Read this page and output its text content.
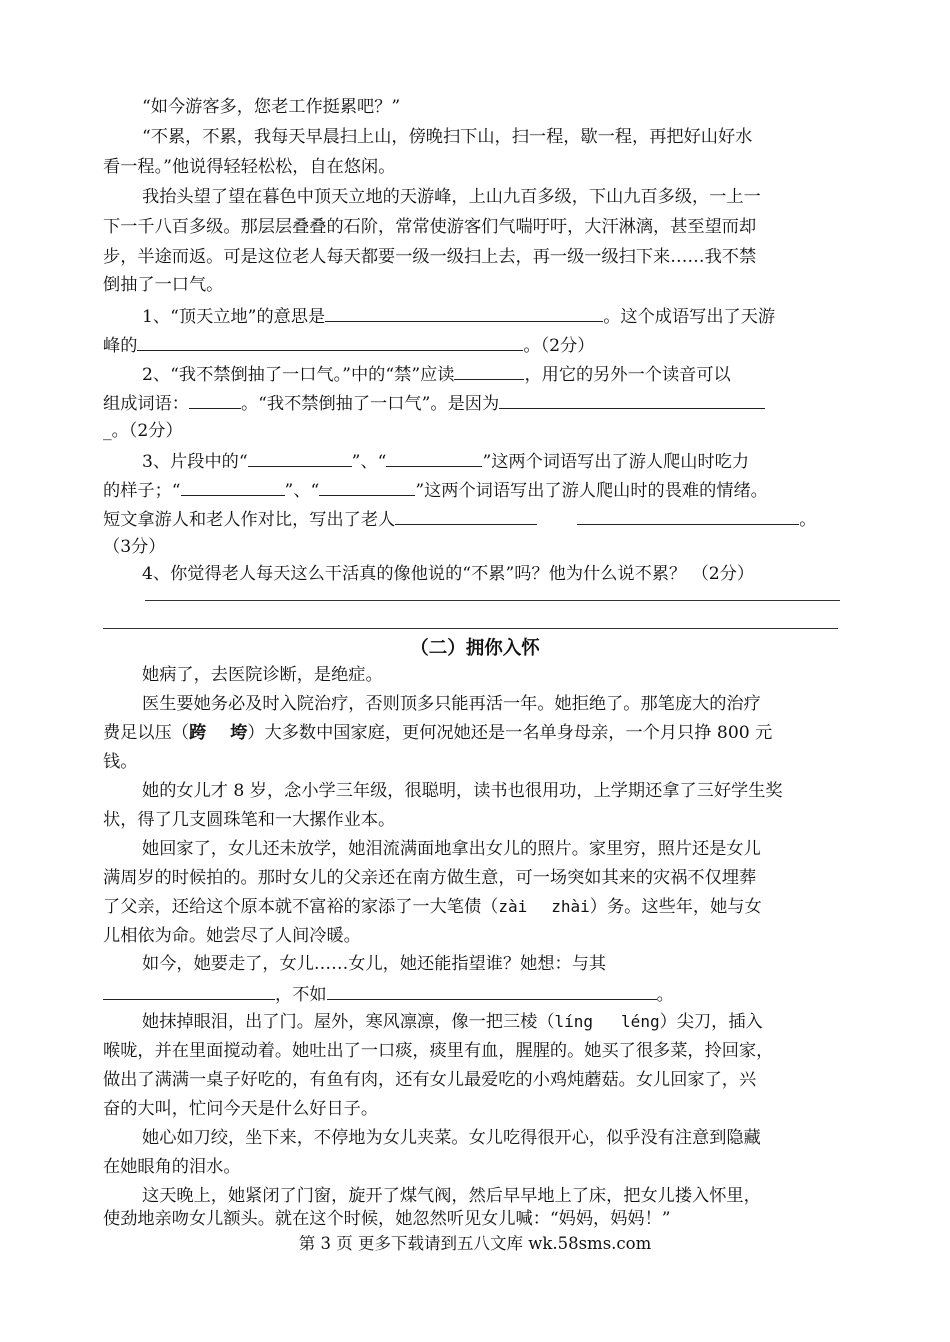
“如今游客多，您老工作挺累吧？”
“不累，不累，我每天早晨扫上山，傍晚扫下山，扫一程，歇一程，再把好山好水
看一程。”他说得轻轻松松，自在悠闲。
我抬头望了望在暮色中顶天立地的天游峰，上山九百多级，下山九百多级，一上一
下一千八百多级。那层层叠叠的石阶，常常使游客们气喘吁吁，大汗淋漓，甚至望而却
步，半途而返。可是这位老人每天都要一级一级扫上去，再一级一级扫下来……我不禁
倒抽了一口气。
1、“顶天立地”的意思是	。这个成语写出了天游
峰的	。（2分）
2、“我不禁倒抽了一口气。”中的“禁”应读	，用它的另外一个读音可以
组成词语：	。“我不禁倒抽了一口气”。是因为
_。（2分）
3、片段中的“	”、“	”这两个词语写出了游人爬山时吃力
的样子；“	”、“	”这两个词语写出了游人爬山时的畏难的情绪。
短文拿游人和老人作对比，写出了老人	。
（3分）
4、你觉得老人每天这么干活真的像他说的“不累”吗？他为什么说不累？ （2分）
（二）拥你入怀
她病了，去医院诊断，是绝症。
医生要她务必及时入院治疗，否则顶多只能再活一年。她拒绝了。那笔庞大的治疗
费足以压（跨 垮）大多数中国家庭，更何况她还是一名单身母亲，一个月只挣 800 元
钱。
她的女儿才 8 岁，念小学三年级，很聪明，读书也很用功，上学期还拿了三好学生奖
状，得了几支圆珠笔和一大摞作业本。
她回家了，女儿还未放学，她泪流满面地拿出女儿的照片。家里穷，照片还是女儿
满周岁的时候拍的。那时女儿的父亲还在南方做生意，可一场突如其来的灾祸不仅埋葬
了父亲，还给这个原本就不富裕的家添了一大笔债（zài zhài）务。这些年，她与女
儿相依为命。她尝尽了人间冷暖。
如今，她要走了，女儿……女儿，她还能指望谁？她想：与其
，不如	。
她抹掉眼泪，出了门。屋外，寒风凛凛，像一把三棱（líng léng）尖刀，插入
喉咙，并在里面搅动着。她吐出了一口痰，痰里有血，腥腥的。她买了很多菜，拎回家，
做出了满满一桌子好吃的，有鱼有肉，还有女儿最爱吃的小鸡炖蘑菇。女儿回家了，兴
奋的大叫，忙问今天是什么好日子。
她心如刀绞，坐下来，不停地为女儿夹菜。女儿吃得很开心，似乎没有注意到隐藏
在她眼角的泪水。
这天晚上，她紧闭了门窗，旋开了煤气阀，然后早早地上了床，把女儿搂入怀里，
使劲地亲吻女儿额头。就在这个时候，她忽然听见女儿喊：“妈妈，妈妈！”
第 3 页 更多下载请到五八文库 wk.58sms.com
